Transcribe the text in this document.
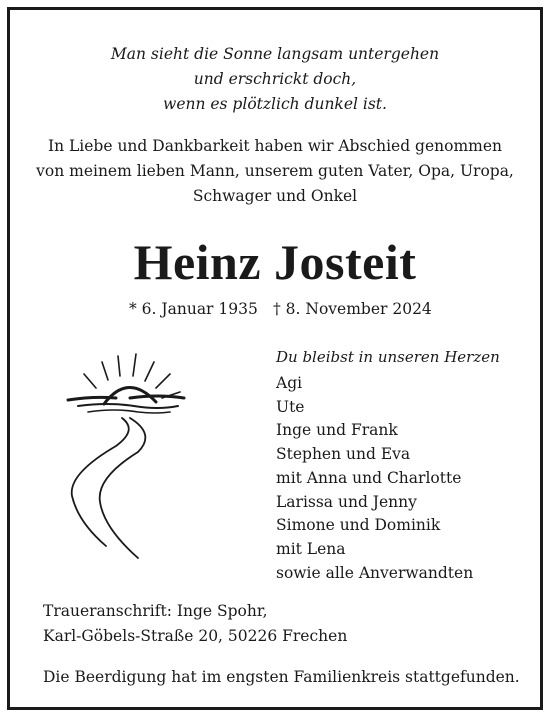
Man sieht die Sonne langsam untergehen
und erschrickt doch,
wenn es plötzlich dunkel ist.
In Liebe und Dankbarkeit haben wir Abschied genommen
von meinem lieben Mann, unserem guten Vater, Opa, Uropa,
Schwager und Onkel
Heinz Josteit
* 6. Januar 1935 † 8. November 2024
Du bleibst in unseren Herzen
Agi
Ute
Inge und Frank
Stephen und Eva
mit Anna und Charlotte
Larissa und Jenny
Simone und Dominik
mit Lena
sowie alle Anverwandten
Traueranschrift: Inge Spohr,
Karl-Göbels-Straße 20, 50226 Frechen
Die Beerdigung hat im engsten Familienkreis stattgefunden.
